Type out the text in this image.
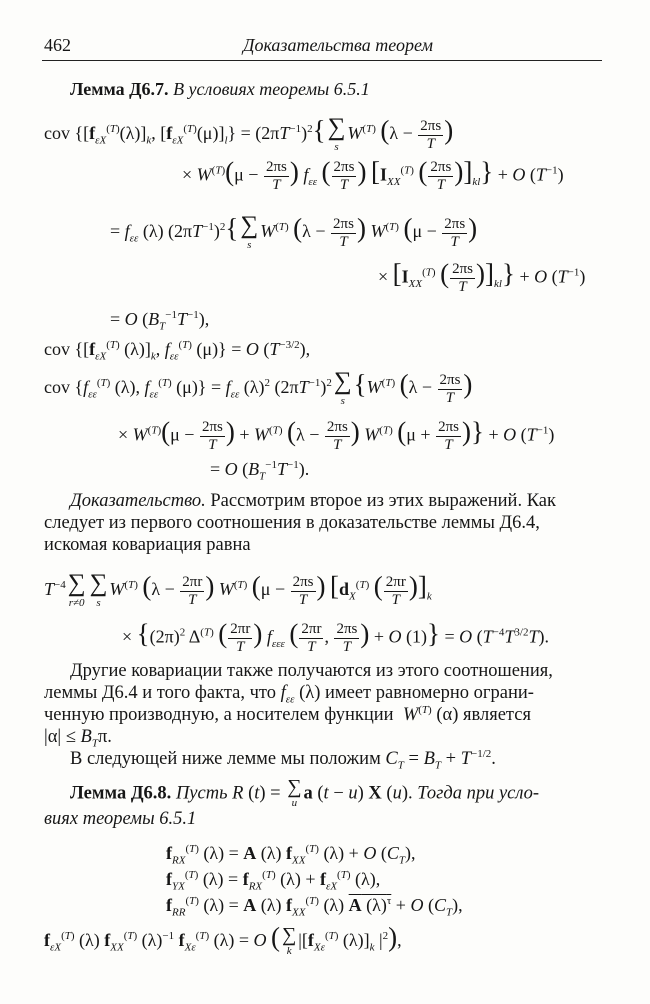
462	Доказательства теорем
Лемма Д6.7. В условиях теоремы 6.5.1
cov {$[f_{\varepsilon X}^{(T)}(\lambda)]_k$, $[f_{\varepsilon X}^{(T)}(\mu)]_l\} = (2\pi T^{-1})^2${ ∑
s
$W^{(T)}$ ($\lambda - \frac{2\pi s}{T}$ )
× $W^{(T)}(\mu - \frac{2\pi s}{T}$ ) $f_{\varepsilon\varepsilon}$ ( $\frac{2\pi s}{T}$ ) [$I_{XX}^{(T)}$ ( $\frac{2\pi s}{T} )]_{kl}\} + O$ $(T^{-1})$
= $f_{\varepsilon\varepsilon}$ (λ) $(2\pi T^{-1})^2${ ∑
s
$W^{(T)}$ ($\lambda - \frac{2\pi s}{T}$ ) $W^{(T)}$ ($\mu - \frac{2\pi s}{T}$ )
× [$I_{XX}^{(T)}$ ( $\frac{2\pi s}{T} )]_{kl}\} + O$ $(T^{-1})$
= O $(B_T^{-1}T^{-1})$,
cov {[$f_{\varepsilon X}^{(T)}$ $(\lambda)]_k$, $f_{\varepsilon\varepsilon}^{(T)}$ (μ)} = O $(T^{-3/2})$,
cov {$f_{\varepsilon\varepsilon}^{(T)}$ (λ), $f_{\varepsilon\varepsilon}^{(T)}$ $(\mu)\} = f_{\varepsilon\varepsilon}$ $(\lambda)^2$ $(2\pi T^{-1})^2$ ∑
s
{$W^{(T)}$ ($\lambda - \frac{2\pi s}{T}$ )
× $W^{(T)}(\mu - \frac{2\pi s}{T}$ ) + $W^{(T)}$ ($\lambda - \frac{2\pi s}{T}$ ) $W^{(T)}$ ($\mu + \frac{2\pi s}{T}$ )} + O $(T^{-1})$
= O $(B_T^{-1}T^{-1})$.
Доказательство. Рассмотрим второе из этих выражений. Как
следует из первого соотношения в доказательстве леммы Д6.4,
искомая ковариация равна
$T^{-4}$ ∑
r≠0
∑
s
$W^{(T)}$ ($\lambda - \frac{2\pi r}{T}$ ) $W^{(T)}$ ($\mu - \frac{2\pi s}{T}$ ) [$d_X^{(T)}$ ( $\frac{2\pi r}{T} )]_k$
× {$(2\pi)^2$ $\Delta^{(T)}$ ( $\frac{2\pi r}{T}$ ) $f_{\varepsilon\varepsilon\varepsilon}$ ( $\frac{2\pi r}{T}$ , $\frac{2\pi s}{T}$ ) + O (1)} = O $(T^{-4}T^{3/2}T)$.
Другие ковариации также получаются из этого соотношения,
леммы Д6.4 и того факта, что $f_{\varepsilon\varepsilon}$ (λ) имеет равномерно ограни-
ченную производную, а носителем функции $W^{(T)}$ (α) является
$|\alpha| \le B_T\pi$.
В следующей ниже лемме мы положим $C_T = B_T + T^{-1/2}$.
Лемма Д6.8. Пусть R (t) = ∑
u a (t − u) X (u). Тогда при усло-
виях теоремы 6.5.1
$f_{RX}^{(T)}$ (λ) = A (λ) $f_{XX}^{(T)}$ (λ) + O $(C_T)$,
$f_{YX}^{(T)}$ $(\lambda) = f_{RX}^{(T)}$ $(\lambda) + f_{\varepsilon X}^{(T)}$ (λ),
$f_{RR}^{(T)}$ (λ) = A (λ) $f_{XX}^{(T)}$ (λ) A $(\lambda)^\tau + O$ $(C_T)$,
$f_{\varepsilon X}^{(T)}$ (λ) $f_{XX}^{(T)}$ $(\lambda)^{-1}$ $f_{X\varepsilon}^{(T)}$ (λ) = O ( ∑
k
$|[f_{X\varepsilon}^{(T)}$ $(\lambda)]_k$ $|^2$),
